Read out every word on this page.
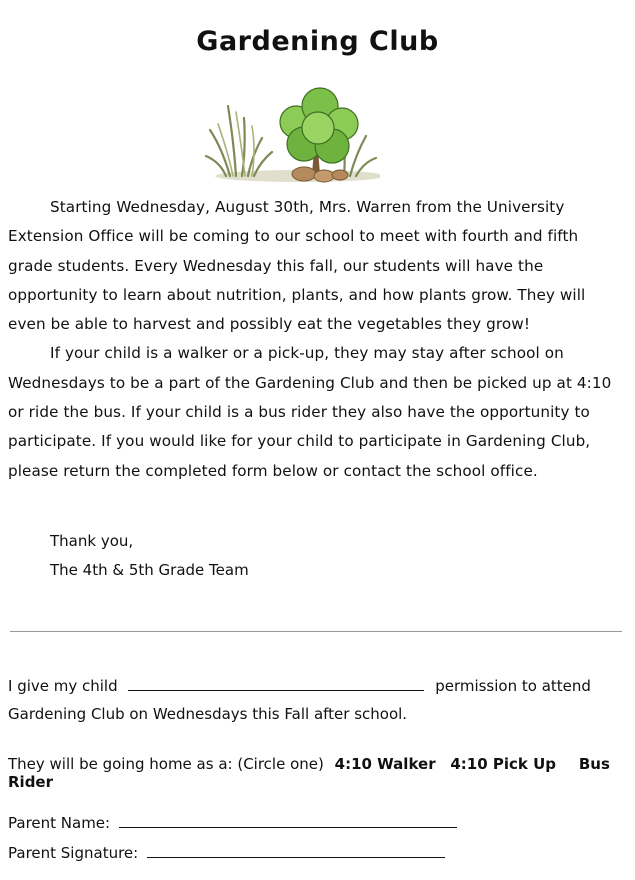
Gardening Club

Starting Wednesday, August 30th, Mrs. Warren from the University Extension Office will be coming to our school to meet with fourth and fifth grade students. Every Wednesday this fall, our students will have the opportunity to learn about nutrition, plants, and how plants grow. They will even be able to harvest and possibly eat the vegetables they grow!

If your child is a walker or a pick-up, they may stay after school on Wednesdays to be a part of the Gardening Club and then be picked up at 4:10 or ride the bus. If your child is a bus rider they also have the opportunity to participate. If you would like for your child to participate in Gardening Club, please return the completed form below or contact the school office.

Thank you,
The 4th & 5th Grade Team
I give my child	permission to attend
Gardening Club on Wednesdays this Fall after school.
They will be going home as a: (Circle one) 4:10 Walker 4:10 Pick Up Bus Rider
Parent Name:
Parent Signature:
